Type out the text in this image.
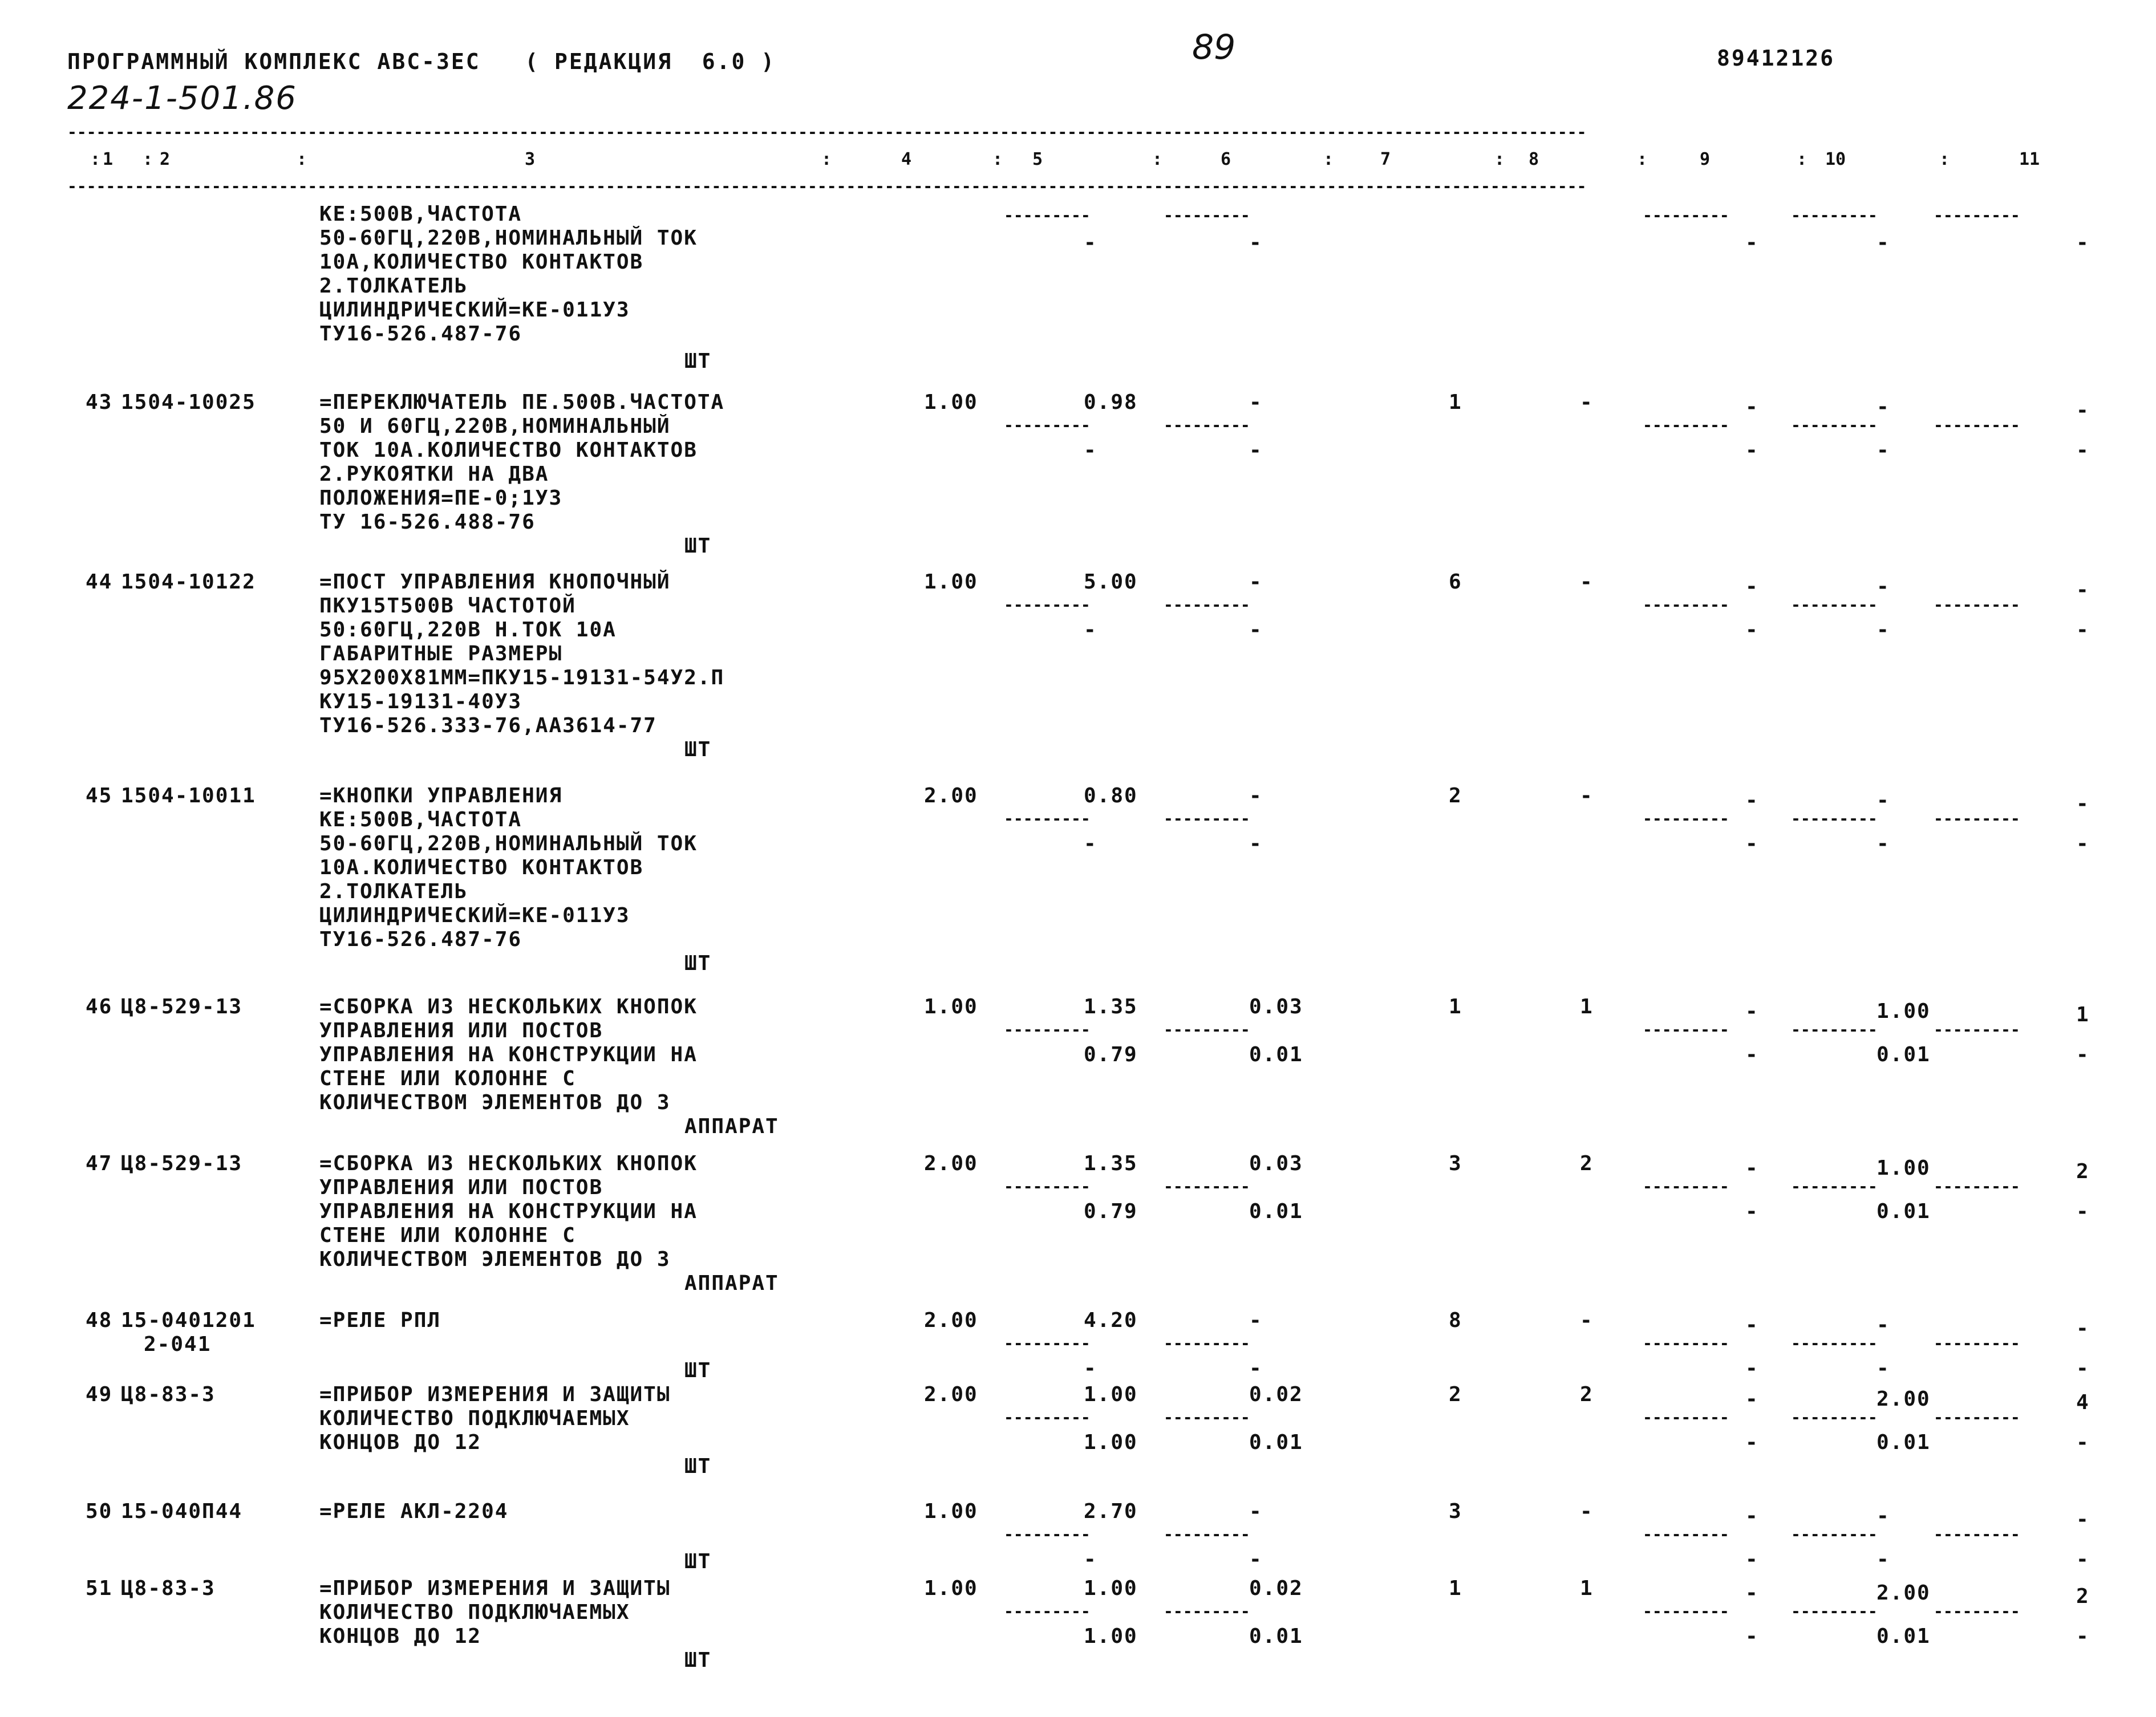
ПРОГРАММНЫЙ КОМПЛЕКС АВС-3ЕС   ( РЕДАКЦИЯ  6.0 )	89	89412126
224-1-501.86
--------------------------------------------------------------------------------------------------------------------------------------------------------------
--------------------------------------------------------------------------------------------------------------------------------------------------------------
1	2	3	4	5	6	7	8	9	10	11
: :	:	:	:	:	:	:	:	:	:
---------	---------	---------	---------	---------
КЕ:500В,ЧАСТОТА
50-60ГЦ,220В,НОМИНАЛЬНЫЙ ТОК
10А,КОЛИЧЕСТВО КОНТАКТОВ
2.ТОЛКАТЕЛЬ
ЦИЛИНДРИЧЕСКИЙ=КЕ-011У3
ТУ16-526.487-76
-	-	-	-	-
ШТ
43 1504-10025	=ПЕРЕКЛЮЧАТЕЛЬ ПЕ.500В.ЧАСТОТА
50 И 60ГЦ,220В,НОМИНАЛЬНЫЙ
ТОК 10А.КОЛИЧЕСТВО КОНТАКТОВ
2.РУКОЯТКИ НА ДВА
ПОЛОЖЕНИЯ=ПЕ-0;1У3
ТУ 16-526.488-76
1.00	0.98	-	1	-	-	-	-
---------	---------	---------	---------	---------
-	-	-	-	-
ШТ
44 1504-10122	=ПОСТ УПРАВЛЕНИЯ КНОПОЧНЫЙ
ПКУ15Т500В ЧАСТОТОЙ
50:60ГЦ,220В Н.ТОК 10А
ГАБАРИТНЫЕ РАЗМЕРЫ
95Х200Х81ММ=ПКУ15-19131-54У2.П
КУ15-19131-40У3
ТУ16-526.333-76,АА3614-77
1.00	5.00	-	6	-	-	-	-
---------	---------	---------	---------	---------
-	-	-	-	-
ШТ
45 1504-10011	=КНОПКИ УПРАВЛЕНИЯ
КЕ:500В,ЧАСТОТА
50-60ГЦ,220В,НОМИНАЛЬНЫЙ ТОК
10А.КОЛИЧЕСТВО КОНТАКТОВ
2.ТОЛКАТЕЛЬ
ЦИЛИНДРИЧЕСКИЙ=КЕ-011У3
ТУ16-526.487-76
2.00	0.80	-	2	-	-	-	-
---------	---------	---------	---------	---------
-	-	-	-	-
ШТ
46 Ц8-529-13	=СБОРКА ИЗ НЕСКОЛЬКИХ КНОПОК
УПРАВЛЕНИЯ ИЛИ ПОСТОВ
УПРАВЛЕНИЯ НА КОНСТРУКЦИИ НА
СТЕНЕ ИЛИ КОЛОННЕ С
КОЛИЧЕСТВОМ ЭЛЕМЕНТОВ ДО 3
1.00	1.35	0.03	1	1	-	1.00	1
---------	---------	---------	---------	---------
0.79	0.01	-	0.01	-
АППАРАТ
47 Ц8-529-13	=СБОРКА ИЗ НЕСКОЛЬКИХ КНОПОК
УПРАВЛЕНИЯ ИЛИ ПОСТОВ
УПРАВЛЕНИЯ НА КОНСТРУКЦИИ НА
СТЕНЕ ИЛИ КОЛОННЕ С
КОЛИЧЕСТВОМ ЭЛЕМЕНТОВ ДО 3
2.00	1.35	0.03	3	2	-	1.00	2
---------	---------	---------	---------	---------
0.79	0.01	-	0.01	-
АППАРАТ
48 15-0401201
2-041
=РЕЛЕ РПЛ	2.00	4.20	-	8	-	-	-	-
---------	---------	---------	---------	---------
-	-	-	-	-
ШТ
49 Ц8-83-3	=ПРИБОР ИЗМЕРЕНИЯ И ЗАЩИТЫ
КОЛИЧЕСТВО ПОДКЛЮЧАЕМЫХ
КОНЦОВ ДО 12
2.00	1.00	0.02	2	2	-	2.00	4
---------	---------	---------	---------	---------
1.00	0.01	-	0.01	-
ШТ
50 15-040П44	=РЕЛЕ АКЛ-2204	1.00	2.70	-	3	-	-	-	-
---------	---------	---------	---------	---------
-	-	-	-	-
ШТ
51 Ц8-83-3	=ПРИБОР ИЗМЕРЕНИЯ И ЗАЩИТЫ
КОЛИЧЕСТВО ПОДКЛЮЧАЕМЫХ
КОНЦОВ ДО 12
1.00	1.00	0.02	1	1	-	2.00	2
---------	---------	---------	---------	---------
1.00	0.01	-	0.01	-
ШТ
